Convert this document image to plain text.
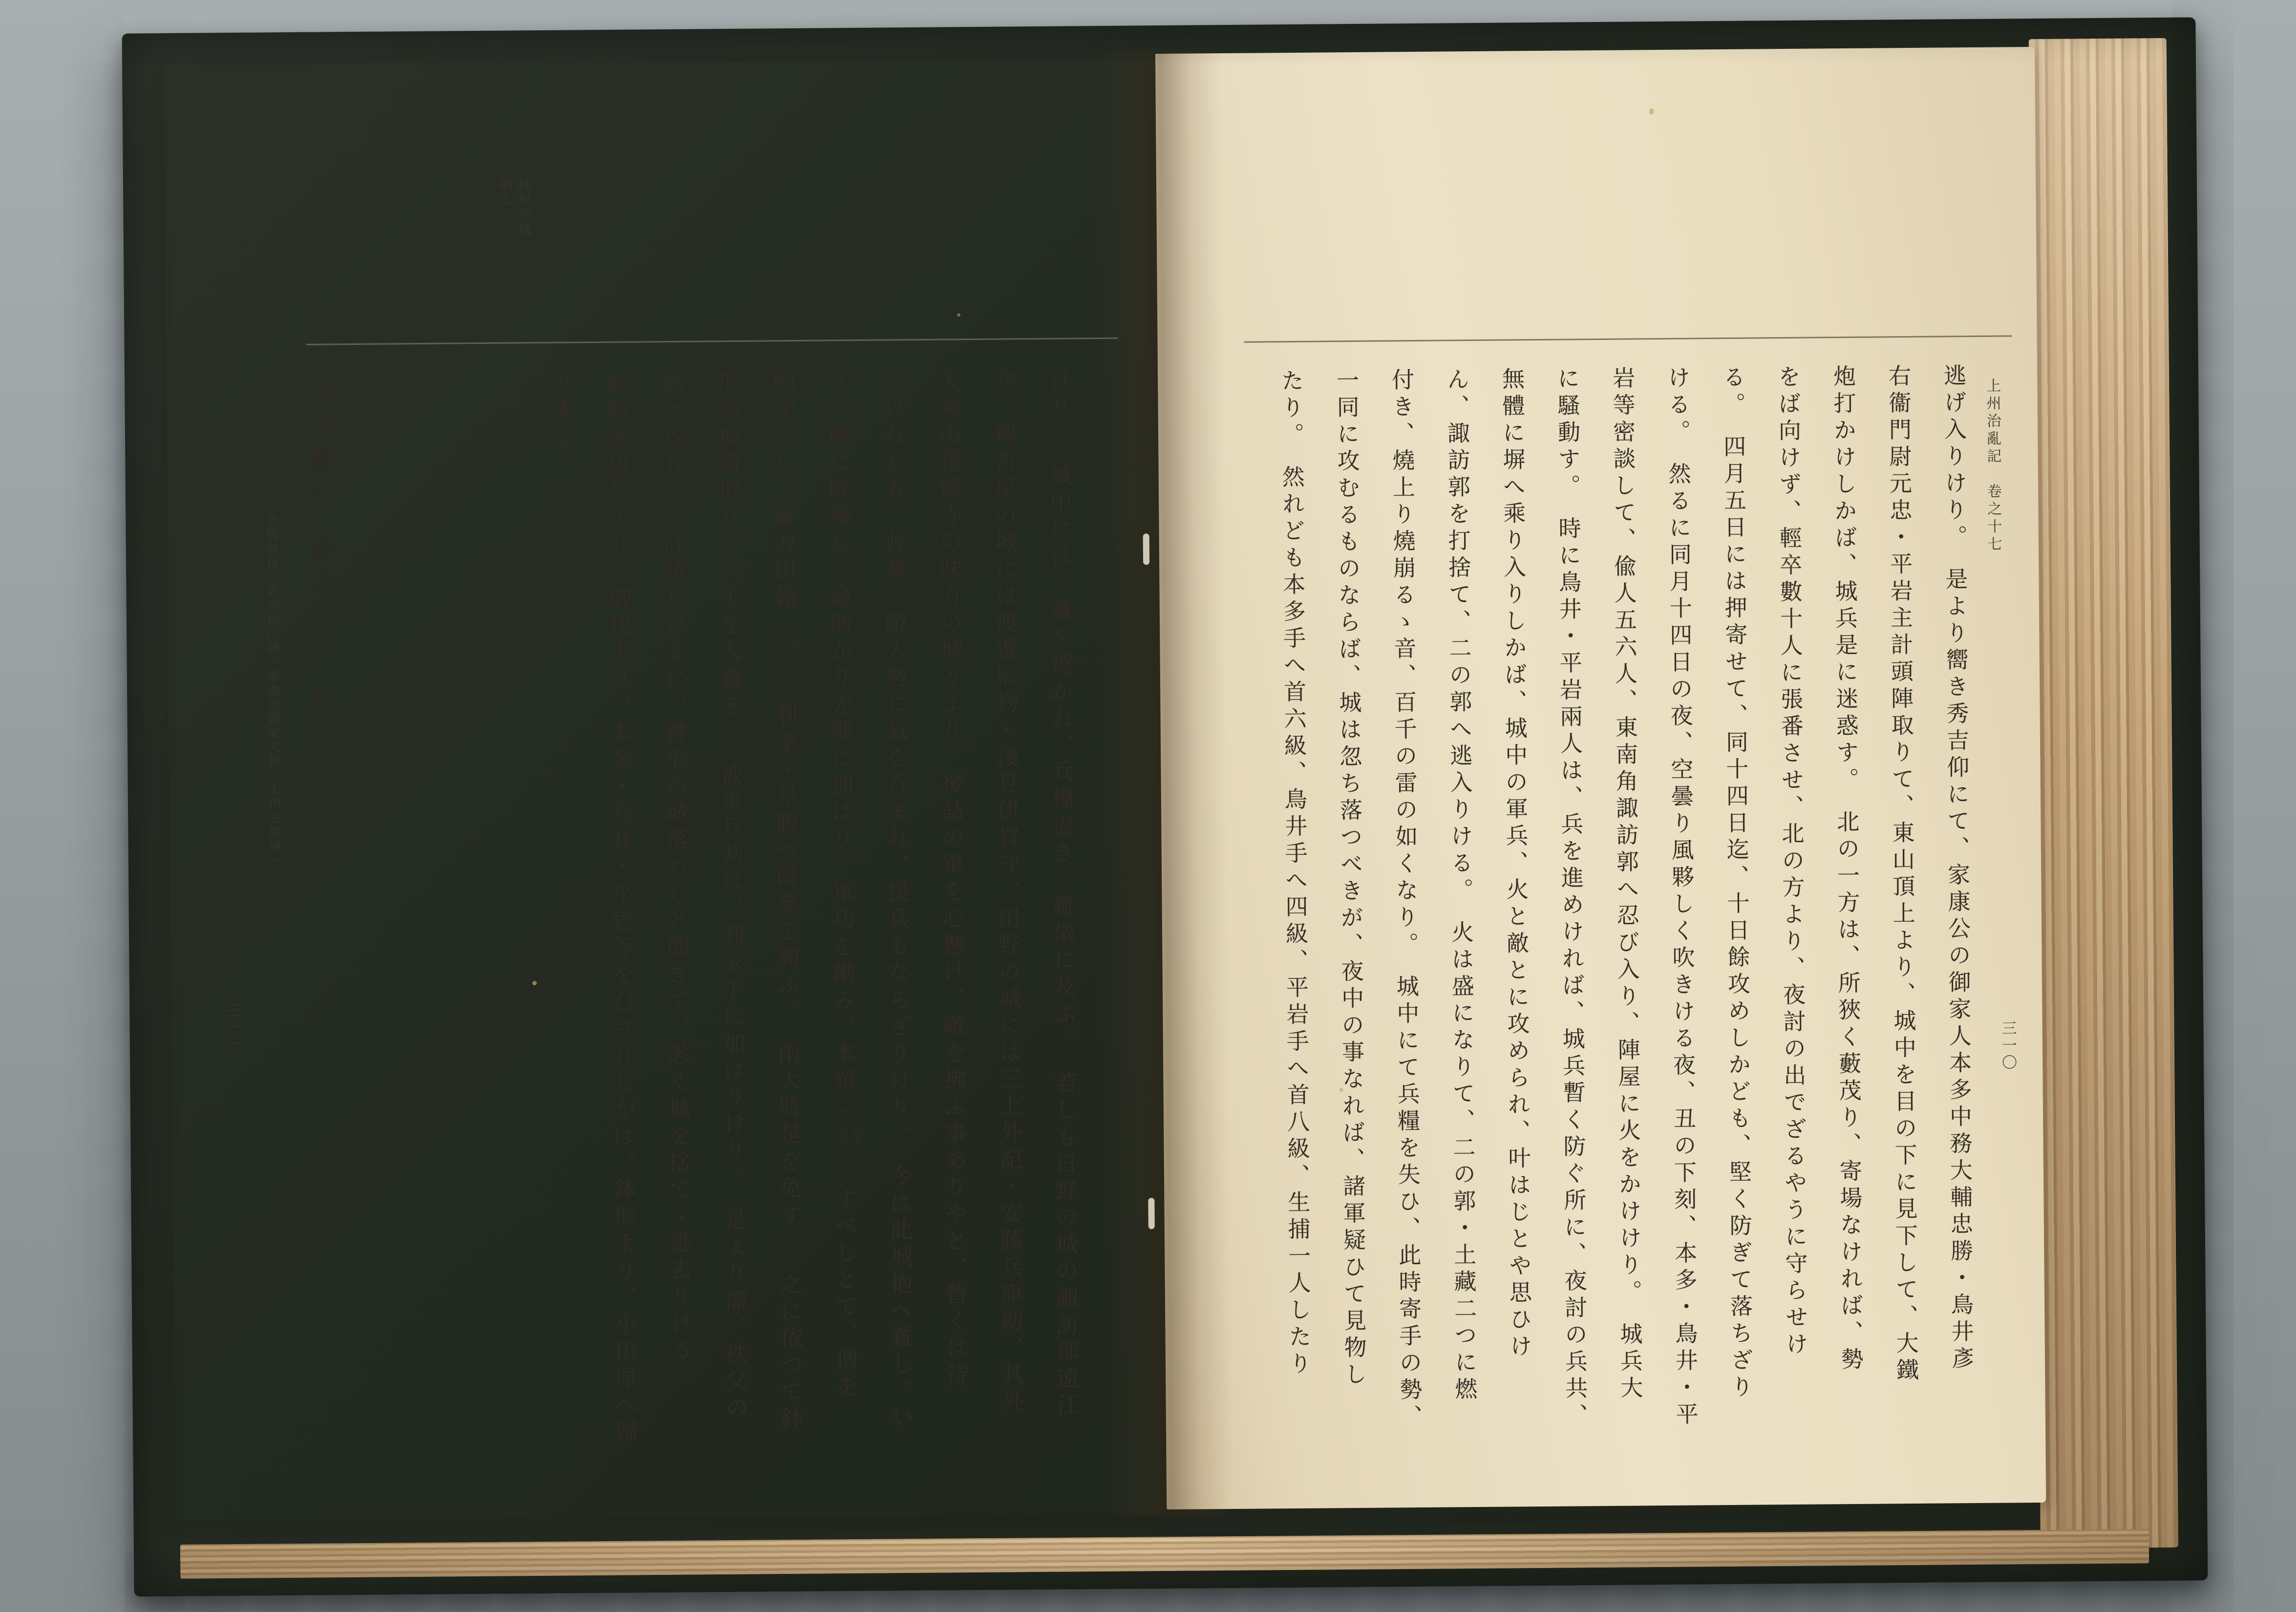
上州治亂記　卷之十七

逃げ入りけり。　是より嚮き秀吉仰にて、家康公の御家人本多中務大輔忠勝・鳥井彥

右衞門尉元忠・平岩主計頭陣取りて、東山頂上より、城中を目の下に見下して、大鐵

炮打かけしかば、城兵是に迷惑す。　北の一方は、所狹く藪茂り、寄場なければ、勢

をば向けず、輕卒數十人に張番させ、北の方より、夜討の出でざるやうに守らせけ

る。　四月五日には押寄せて、同十四日迄、十日餘攻めしかども、堅く防ぎて落ちざり

ける。　然るに同月十四日の夜、空曇り風夥しく吹きける夜、丑の下刻、本多・鳥井・平

岩等密談して、偸人五六人、東南角諏訪郭へ忍び入り、陣屋に火をかけけり。　城兵大

に騷動す。　時に鳥井・平岩兩人は、兵を進めければ、城兵暫く防ぐ所に、夜討の兵共、

無體に塀へ乘り入りしかば、城中の軍兵、火と敵とに攻められ、叶はじとや思ひけ

ん、諏訪郭を打捨て、二の郭へ逃入りける。　火は盛になりて、二の郭・土藏二つに燃

付き、燒上り燒崩るゝ音、百千の雷の如くなり。　城中にて兵糧を失ひ、此時寄手の勢、

一同に攻むるものならば、城は忽ち落つべきが、夜中の事なれば、諸軍疑ひて見物し

たり。　然れども本多手へ首六級、鳥井手へ四級、平岩手へ首八級、生捕一人したり	三一〇
鉢形の城
陷る

けり。　城中には、藏を燒かれ、兵糧盡き、難儀に及ぶ。　若しも日野の城の諏訪部遠江

守、禰古屋の城には渡邊監物・淺見伊賀守、田野の城には三上外記・安藤兵庫助、其外

天神山花照寺の味方の城々より、後詰の軍を心懸け、敵を拂ふ事ありやと、暫くは待

ちけれども、此輩、敵大勢に氣を呑まれ、援兵もならざりけり。　今は此城抱へ難し、い

ざや敵に降參し、命助かり先陣に加はり、軍功を勵み、本領〔
脱字ア
ルカ
〕すべしとて、僧を

願使とし、難波田賴〔
脱字ア
ルカ
〕利家・景勝へ降參を願ふ。　兩大將是を免す。　之に依つて鉢

形の城請取り、兵士を入置き。　彼軍兵共は、利家手に加はりけり。　是より嚮、秩父の

城々攻むべく評議しけるに、鉢形の城落ちしと聞きて、悉く城を捨てゝ逃去りける。

此時家康公より、御使來り、本多・鳥井・平岩等を召されしかば、鉢形より、小田原へ歸

り來る。

上州治亂記　卷之十七　終
北國勢拔二武州松山城一家康公御家人拔二上州之諸城一
三一一
